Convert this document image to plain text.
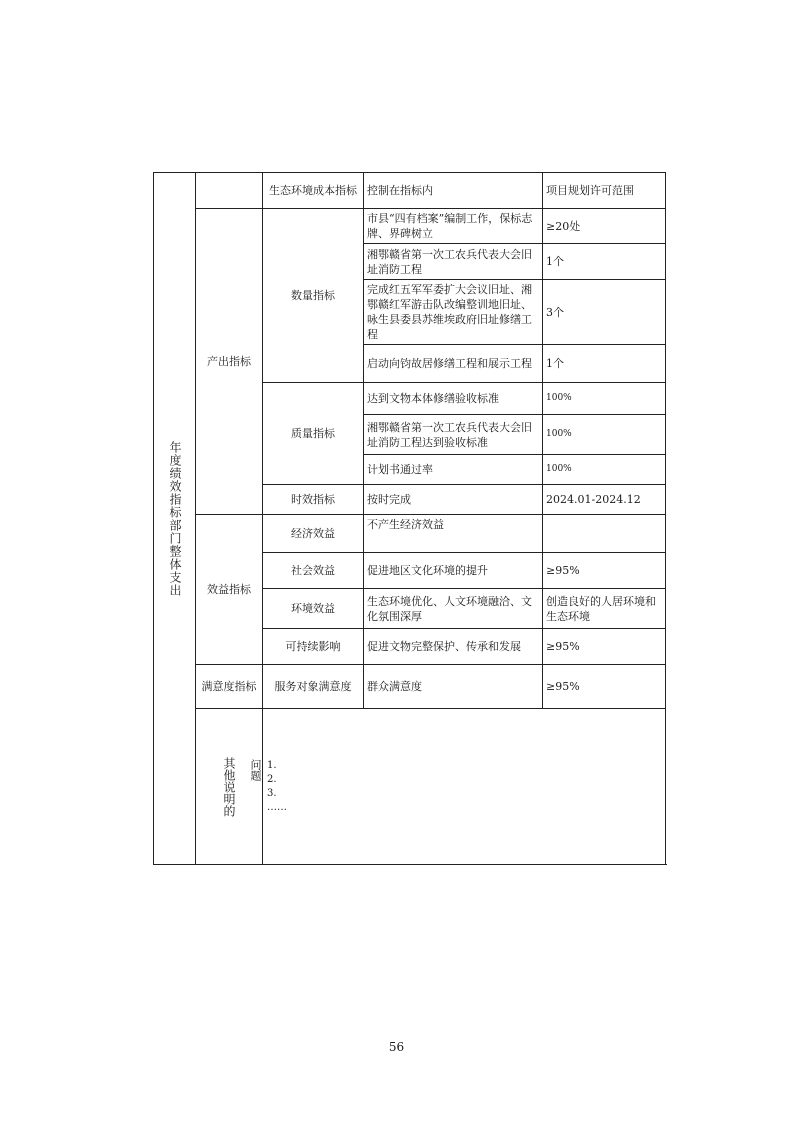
年度绩效指标部门整体支出		生态环境成本指标	控制在指标内	项目规划许可范围
	产出指标	数量指标	市县“四有档案”编制工作，保标志牌、界碑树立	≥20处
			湘鄂赣省第一次工农兵代表大会旧址消防工程	1个
			完成红五军军委扩大会议旧址、湘鄂赣红军游击队改编整训地旧址、咏生县委县苏维埃政府旧址修缮工程	3个
			启动向钧故居修缮工程和展示工程	1个
		质量指标	达到文物本体修缮验收标准	100%
			湘鄂赣省第一次工农兵代表大会旧址消防工程达到验收标准	100%
			计划书通过率	100%
		时效指标	按时完成	2024.01-2024.12
	效益指标	经济效益	不产生经济效益	
		社会效益	促进地区文化环境的提升	≥95%
		环境效益	生态环境优化、人文环境融洽、文化氛围深厚	创造良好的人居环境和生态环境
		可持续影响	促进文物完整保护、传承和发展	≥95%
	满意度指标	服务对象满意度	群众满意度	≥95%

	其他说明的	问题 1.
2.
3.
……		
56
